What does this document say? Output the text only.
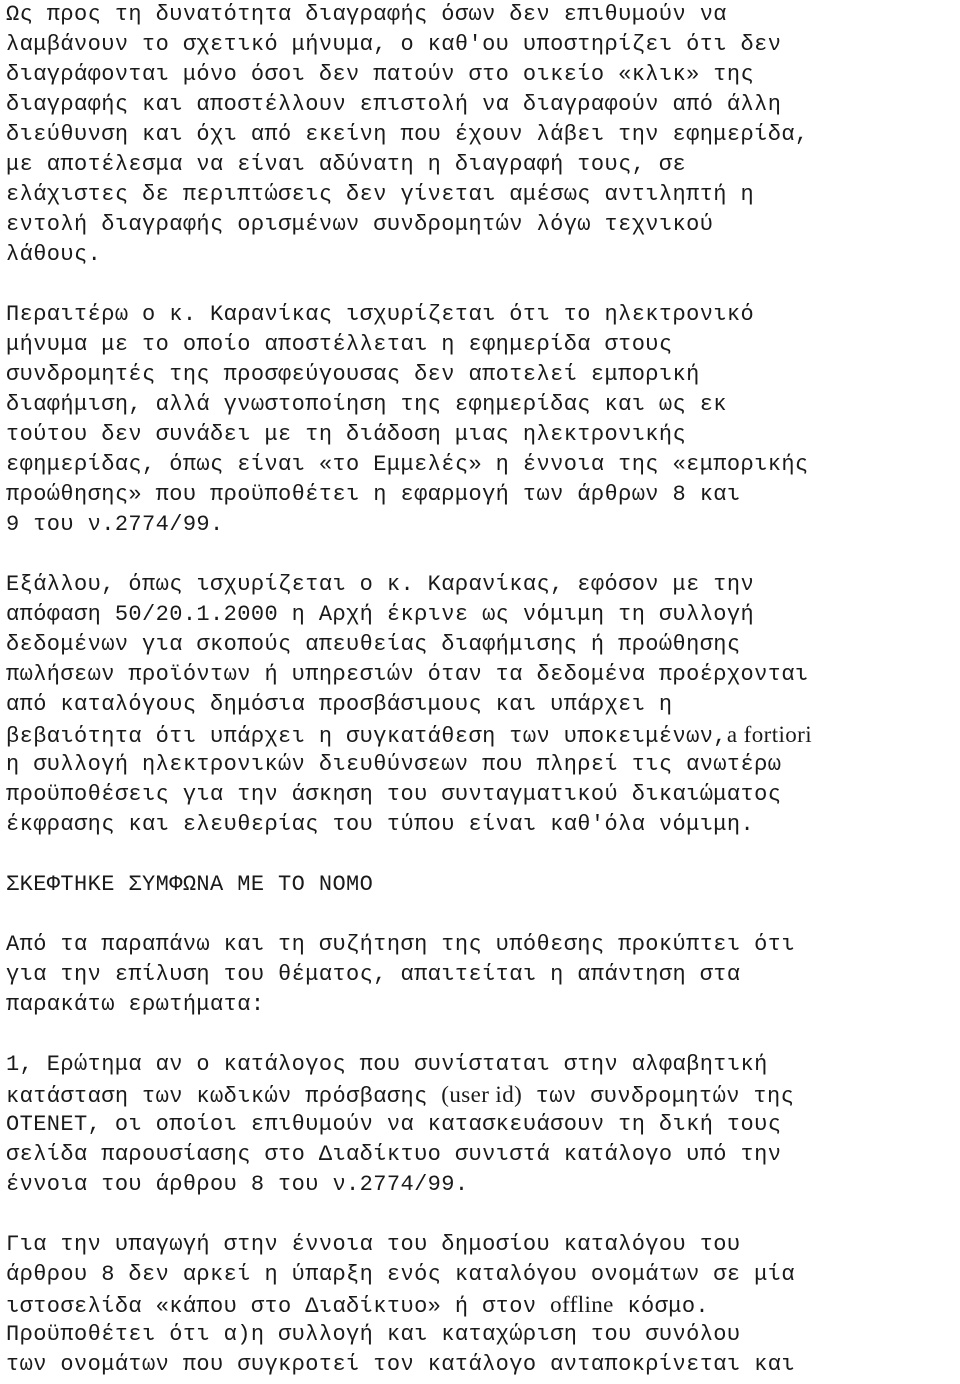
Ως προς τη δυνατότητα διαγραφής όσων δεν επιθυμούν να
λαμβάνουν το σχετικό μήνυμα, ο καθ'ου υποστηρίζει ότι δεν
διαγράφονται μόνο όσοι δεν πατούν στο οικείο «κλικ» της
διαγραφής και αποστέλλουν επιστολή να διαγραφούν από άλλη
διεύθυνση και όχι από εκείνη που έχουν λάβει την εφημερίδα,
με αποτέλεσμα να είναι αδύνατη η διαγραφή τους, σε
ελάχιστες δε περιπτώσεις δεν γίνεται αμέσως αντιληπτή η
εντολή διαγραφής ορισμένων συνδρομητών λόγω τεχνικού
λάθους.
Περαιτέρω ο κ. Καρανίκας ισχυρίζεται ότι το ηλεκτρονικό
μήνυμα με το οποίο αποστέλλεται η εφημερίδα στους
συνδρομητές της προσφεύγουσας δεν αποτελεί εμπορική
διαφήμιση, αλλά γνωστοποίηση της εφημερίδας και ως εκ
τούτου δεν συνάδει με τη διάδοση μιας ηλεκτρονικής
εφημερίδας, όπως είναι «το Εμμελές» η έννοια της «εμπορικής
προώθησης» που προϋποθέτει η εφαρμογή των άρθρων 8 και
9 του ν.2774/99.
Εξάλλου, όπως ισχυρίζεται ο κ. Καρανίκας, εφόσον με την
απόφαση 50/20.1.2000 η Αρχή έκρινε ως νόμιμη τη συλλογή
δεδομένων για σκοπούς απευθείας διαφήμισης ή προώθησης
πωλήσεων προϊόντων ή υπηρεσιών όταν τα δεδομένα προέρχονται
από καταλόγους δημόσια προσβάσιμους και υπάρχει η
βεβαιότητα ότι υπάρχει η συγκατάθεση των υποκειμένων,a fortiori
η συλλογή ηλεκτρονικών διευθύνσεων που πληρεί τις ανωτέρω
προϋποθέσεις για την άσκηση του συνταγματικού δικαιώματος
έκφρασης και ελευθερίας του τύπου είναι καθ'όλα νόμιμη.
ΣΚΕΦΤΗΚΕ ΣΥΜΦΩΝΑ ΜΕ ΤΟ ΝΟΜΟ
Από τα παραπάνω και τη συζήτηση της υπόθεσης προκύπτει ότι
για την επίλυση του θέματος, απαιτείται η απάντηση στα
παρακάτω ερωτήματα:
1, Ερώτημα αν ο κατάλογος που συνίσταται στην αλφαβητική
κατάσταση των κωδικών πρόσβασης (user id) των συνδρομητών της
OTENET, οι οποίοι επιθυμούν να κατασκευάσουν τη δική τους
σελίδα παρουσίασης στο Διαδίκτυο συνιστά κατάλογο υπό την
έννοια του άρθρου 8 του ν.2774/99.
Για την υπαγωγή στην έννοια του δημοσίου καταλόγου του
άρθρου 8 δεν αρκεί η ύπαρξη ενός καταλόγου ονομάτων σε μία
ιστοσελίδα «κάπου στο Διαδίκτυο» ή στον offline κόσμο.
Προϋπoθέτει ότι α)η συλλογή και καταχώριση του συνόλου
των ονομάτων που συγκροτεί τον κατάλογο ανταποκρίνεται και
